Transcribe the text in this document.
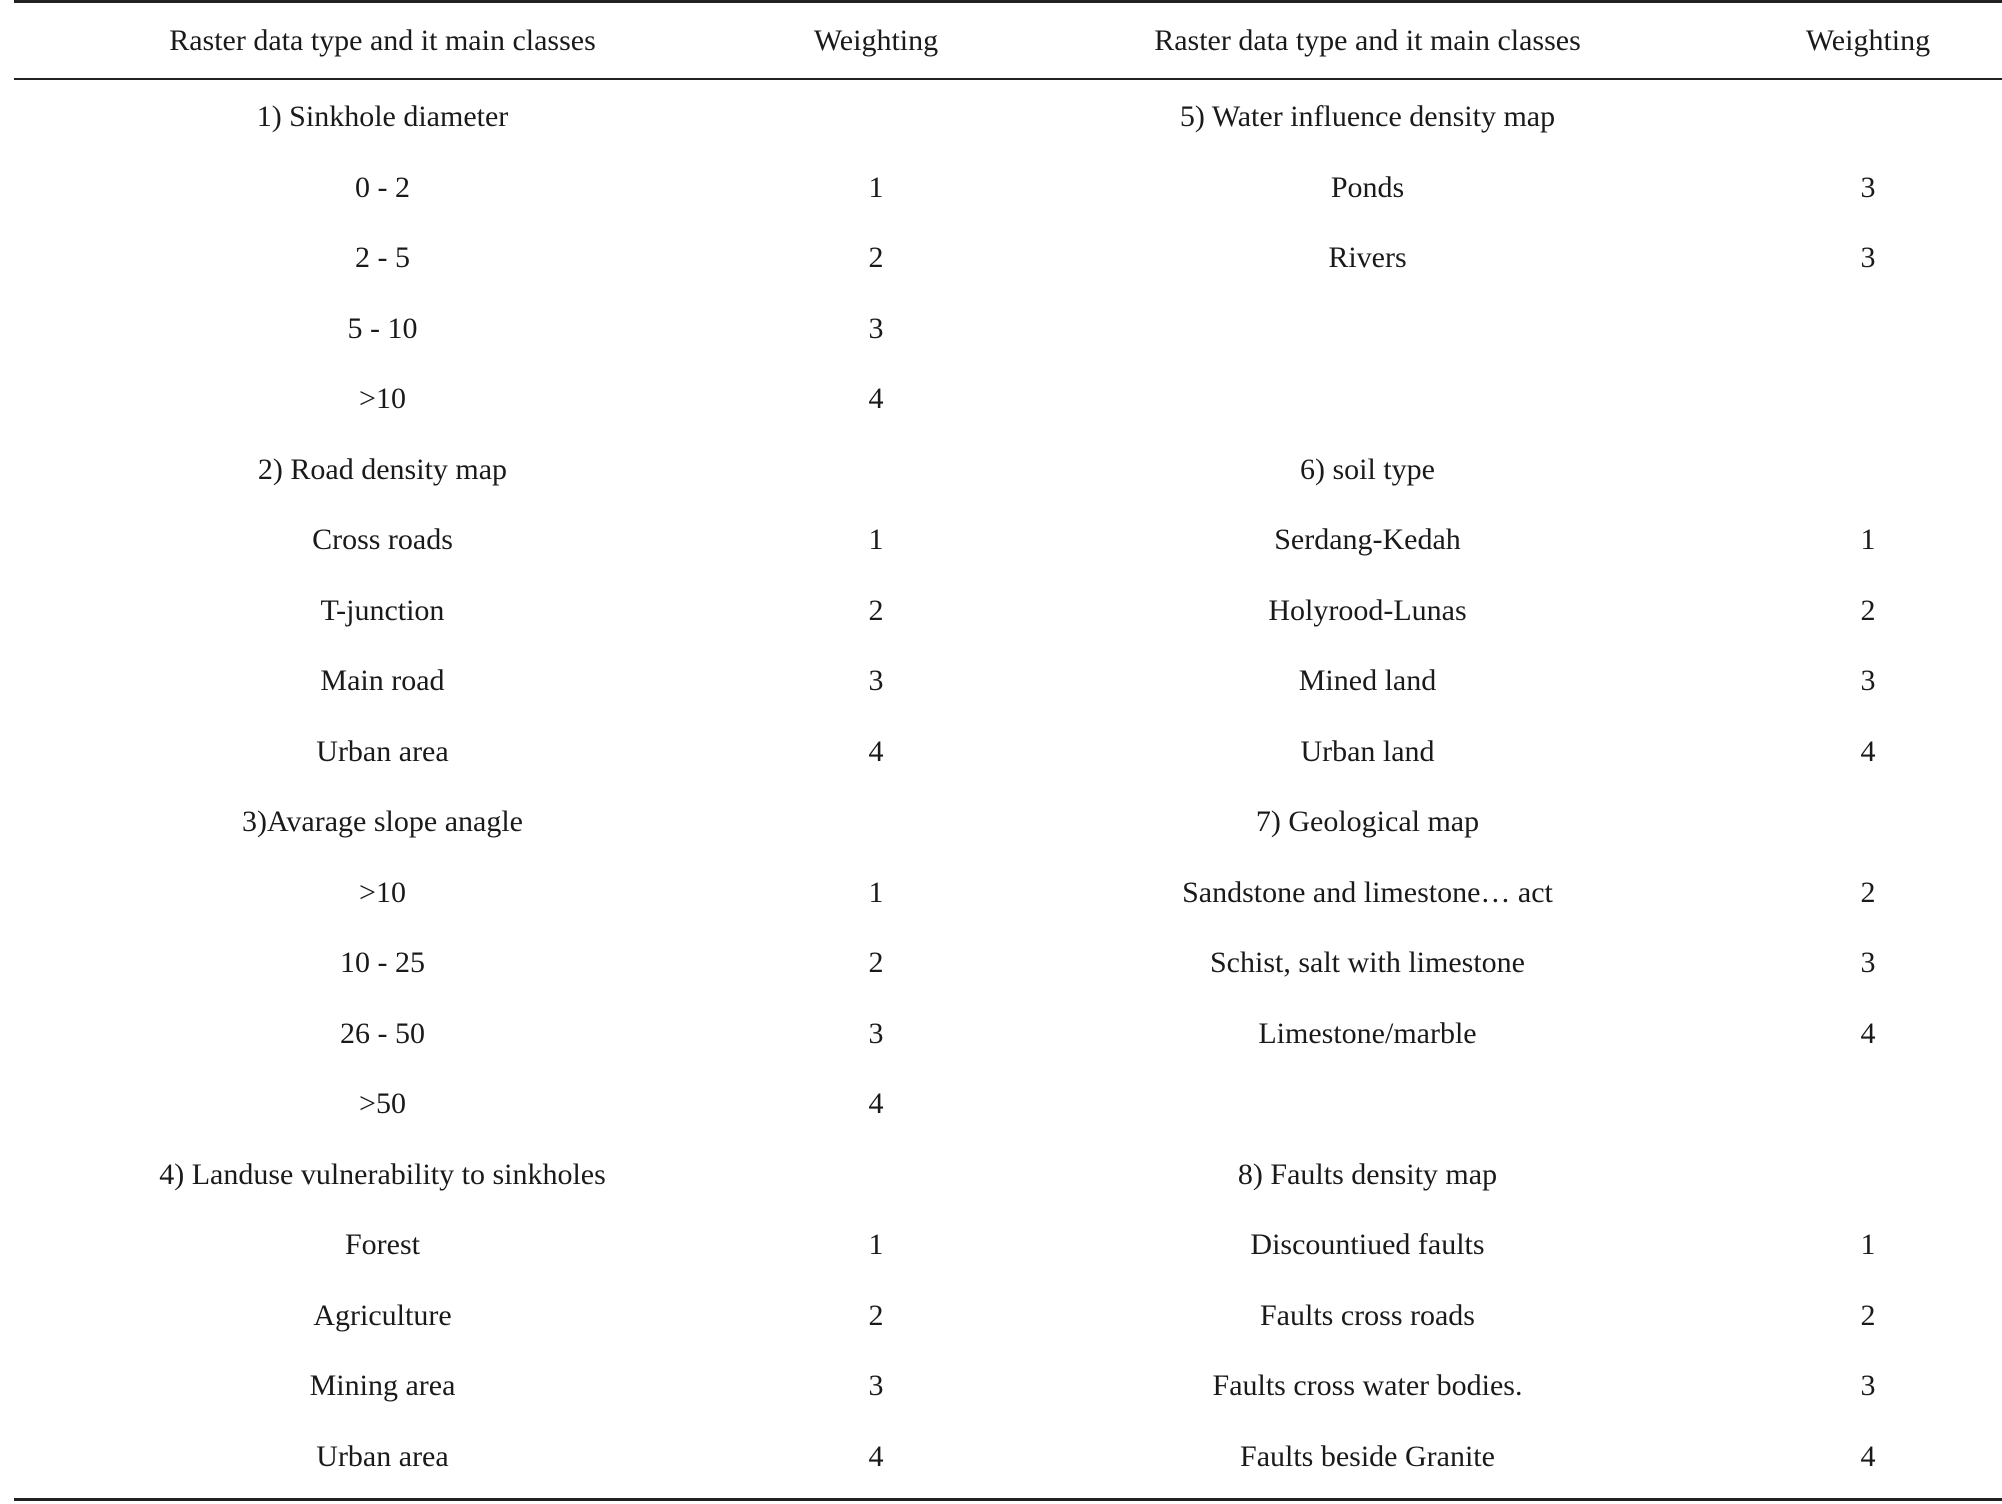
Raster data type and it main classes	Weighting	Raster data type and it main classes	Weighting
1) Sinkhole diameter		5) Water influence density map	
0 - 2	1	Ponds	3
2 - 5	2	Rivers	3
5 - 10	3		
>10	4		
2) Road density map		6) soil type	
Cross roads	1	Serdang-Kedah	1
T-junction	2	Holyrood-Lunas	2
Main road	3	Mined land	3
Urban area	4	Urban land	4
3)Avarage slope anagle		7) Geological map	
>10	1	Sandstone and limestone… act	2
10 - 25	2	Schist, salt with limestone	3
26 - 50	3	Limestone/marble	4
>50	4		
4) Landuse vulnerability to sinkholes		8) Faults density map	
Forest	1	Discountiued faults	1
Agriculture	2	Faults cross roads	2
Mining area	3	Faults cross water bodies.	3
Urban area	4	Faults beside Granite	4
